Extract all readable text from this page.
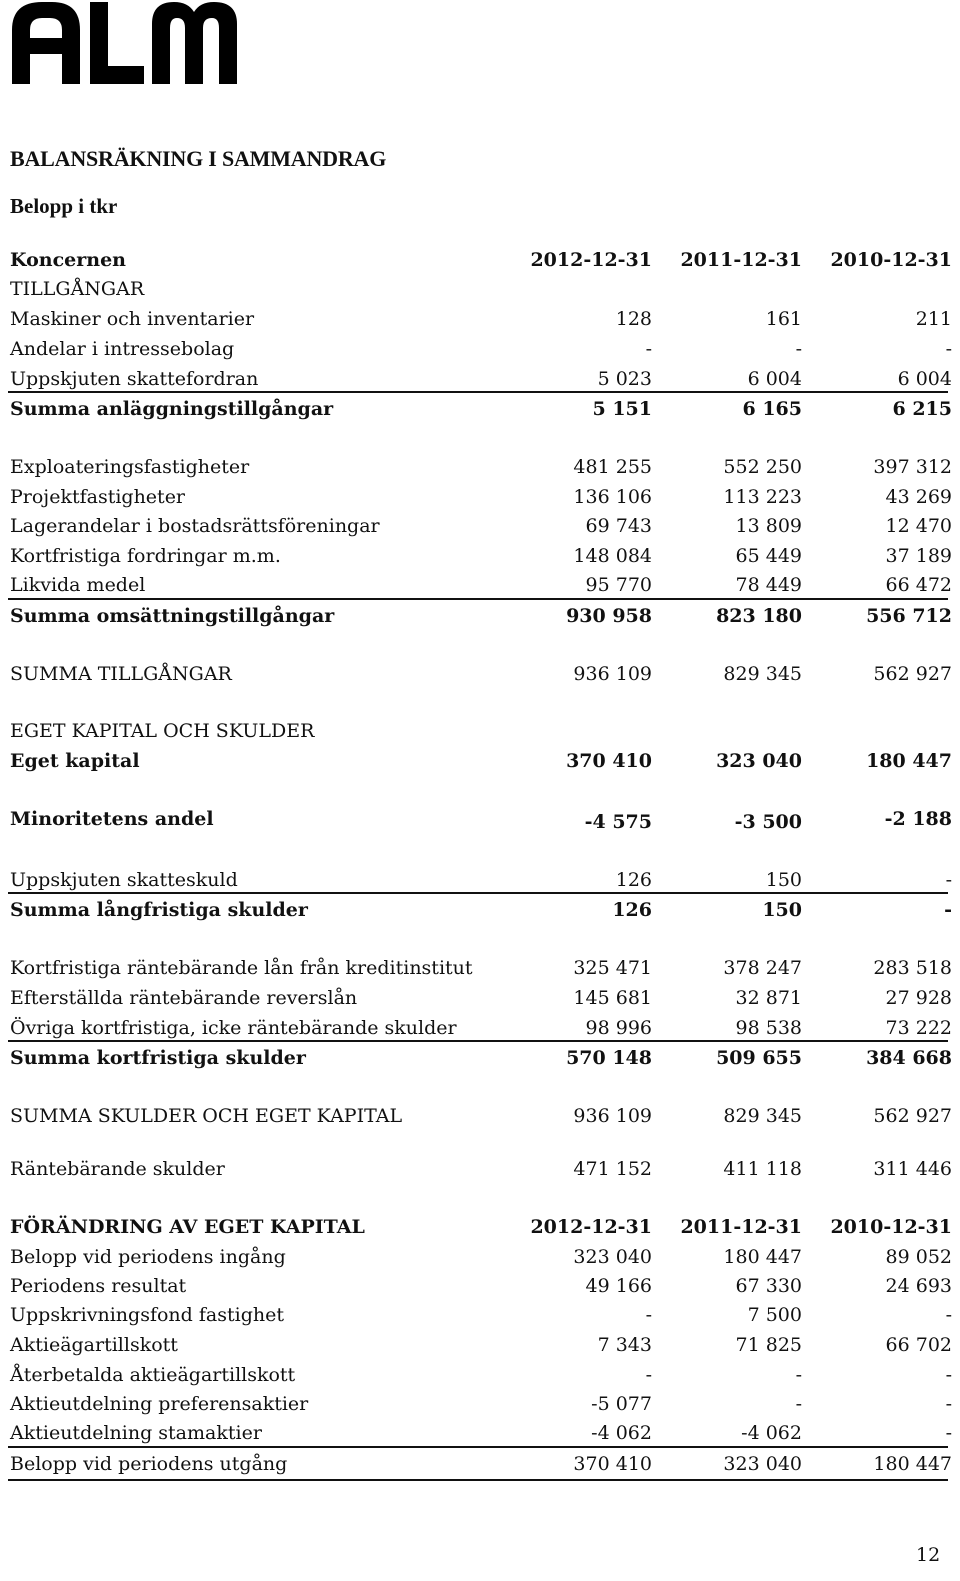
BALANSRÄKNING I SAMMANDRAG
Belopp i tkr
Koncernen	2012-12-31	2011-12-31	2010-12-31
TILLGÅNGAR
Maskiner och inventarier	128	161	211
Andelar i intressebolag	-	-	-
Uppskjuten skattefordran	5 023	6 004	6 004
Summa anläggningstillgångar	5 151	6 165	6 215
Exploateringsfastigheter	481 255	552 250	397 312
Projektfastigheter	136 106	113 223	43 269
Lagerandelar i bostadsrättsföreningar	69 743	13 809	12 470
Kortfristiga fordringar m.m.	148 084	65 449	37 189
Likvida medel	95 770	78 449	66 472
Summa omsättningstillgångar	930 958	823 180	556 712
SUMMA TILLGÅNGAR	936 109	829 345	562 927
EGET KAPITAL OCH SKULDER
Eget kapital	370 410	323 040	180 447
Minoritetens andel	-4 575	-3 500	-2 188
Uppskjuten skatteskuld	126	150	-
Summa långfristiga skulder	126	150	-
Kortfristiga räntebärande lån från kreditinstitut	325 471	378 247	283 518
Efterställda räntebärande reverslån	145 681	32 871	27 928
Övriga kortfristiga, icke räntebärande skulder	98 996	98 538	73 222
Summa kortfristiga skulder	570 148	509 655	384 668
SUMMA SKULDER OCH EGET KAPITAL	936 109	829 345	562 927
Räntebärande skulder	471 152	411 118	311 446
FÖRÄNDRING AV EGET KAPITAL	2012-12-31	2011-12-31	2010-12-31
Belopp vid periodens ingång	323 040	180 447	89 052
Periodens resultat	49 166	67 330	24 693
Uppskrivningsfond fastighet	-	7 500	-
Aktieägartillskott	7 343	71 825	66 702
Återbetalda aktieägartillskott	-	-	-
Aktieutdelning preferensaktier	-5 077	-	-
Aktieutdelning stamaktier	-4 062	-4 062	-
Belopp vid periodens utgång	370 410	323 040	180 447
12
